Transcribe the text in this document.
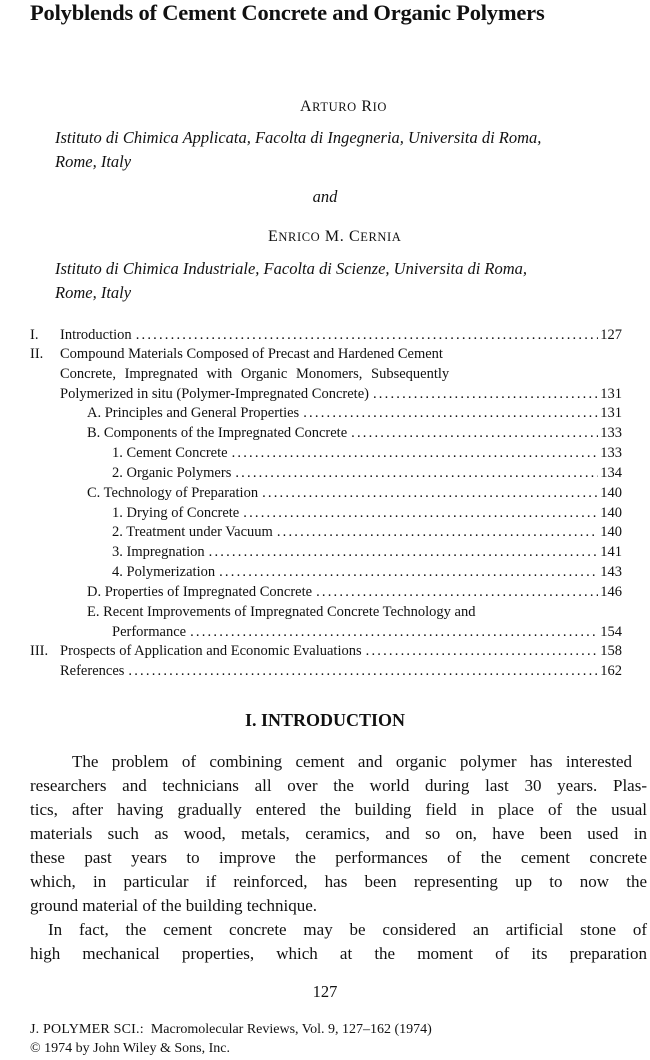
Polyblends of Cement Concrete and Organic Polymers
ARTURO RIO
Istituto di Chimica Applicata, Facolta di Ingegneria, Universita di Roma,
Rome, Italy
and
ENRICO M. CERNIA
Istituto di Chimica Industriale, Facolta di Scienze, Universita di Roma,
Rome, Italy
I. Introduction .....	127
II. Compound Materials Composed of Precast and Hardened Cement
Concrete, Impregnated with Organic Monomers, Subsequently
Polymerized in situ (Polymer-Impregnated Concrete) .....	131
A. Principles and General Properties .....	131
B. Components of the Impregnated Concrete .....	133
1. Cement Concrete .....	133
2. Organic Polymers .....	134
C. Technology of Preparation .....	140
1. Drying of Concrete .....	140
2. Treatment under Vacuum .....	140
3. Impregnation .....	141
4. Polymerization .....	143
D. Properties of Impregnated Concrete .....	146
E. Recent Improvements of Impregnated Concrete Technology and
Performance .....	154
III. Prospects of Application and Economic Evaluations .....	158
References .....	162
I. INTRODUCTION
The problem of combining cement and organic polymer has interested
researchers and technicians all over the world during last 30 years. Plas-
tics, after having gradually entered the building field in place of the usual
materials such as wood, metals, ceramics, and so on, have been used in
these past years to improve the performances of the cement concrete
which, in particular if reinforced, has been representing up to now the
ground material of the building technique.
In fact, the cement concrete may be considered an artificial stone of
high mechanical properties, which at the moment of its preparation
127
J. POLYMER SCI.: Macromolecular Reviews, Vol. 9, 127–162 (1974)
© 1974 by John Wiley & Sons, Inc.
